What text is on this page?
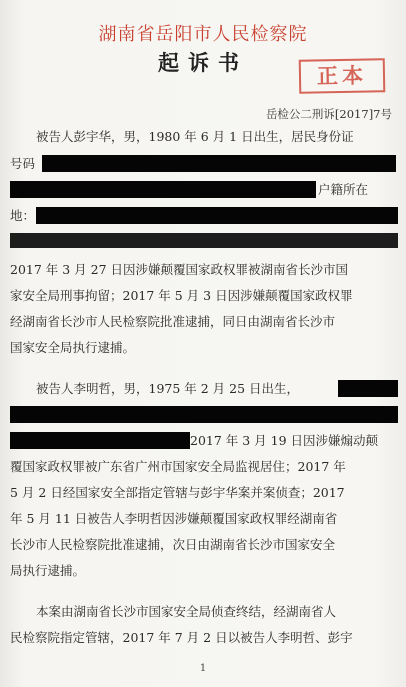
湖南省岳阳市人民检察院
起诉书
正本
岳检公二刑诉[2017]7号
被告人彭宇华，男，1980 年 6 月 1 日出生，居民身份证
号码
户籍所在
地：
2017 年 3 月 27 日因涉嫌颠覆国家政权罪被湖南省长沙市国
家安全局刑事拘留；2017 年 5 月 3 日因涉嫌颠覆国家政权罪
经湖南省长沙市人民检察院批准逮捕，同日由湖南省长沙市
国家安全局执行逮捕。
被告人李明哲，男，1975 年 2 月 25 日出生，
2017 年 3 月 19 日因涉嫌煽动颠
覆国家政权罪被广东省广州市国家安全局监视居住；2017 年
5 月 2 日经国家安全部指定管辖与彭宇华案并案侦查；2017
年 5 月 11 日被告人李明哲因涉嫌颠覆国家政权罪经湖南省
长沙市人民检察院批准逮捕，次日由湖南省长沙市国家安全
局执行逮捕。
本案由湖南省长沙市国家安全局侦查终结，经湖南省人
民检察院指定管辖，2017 年 7 月 2 日以被告人李明哲、彭宇
1
